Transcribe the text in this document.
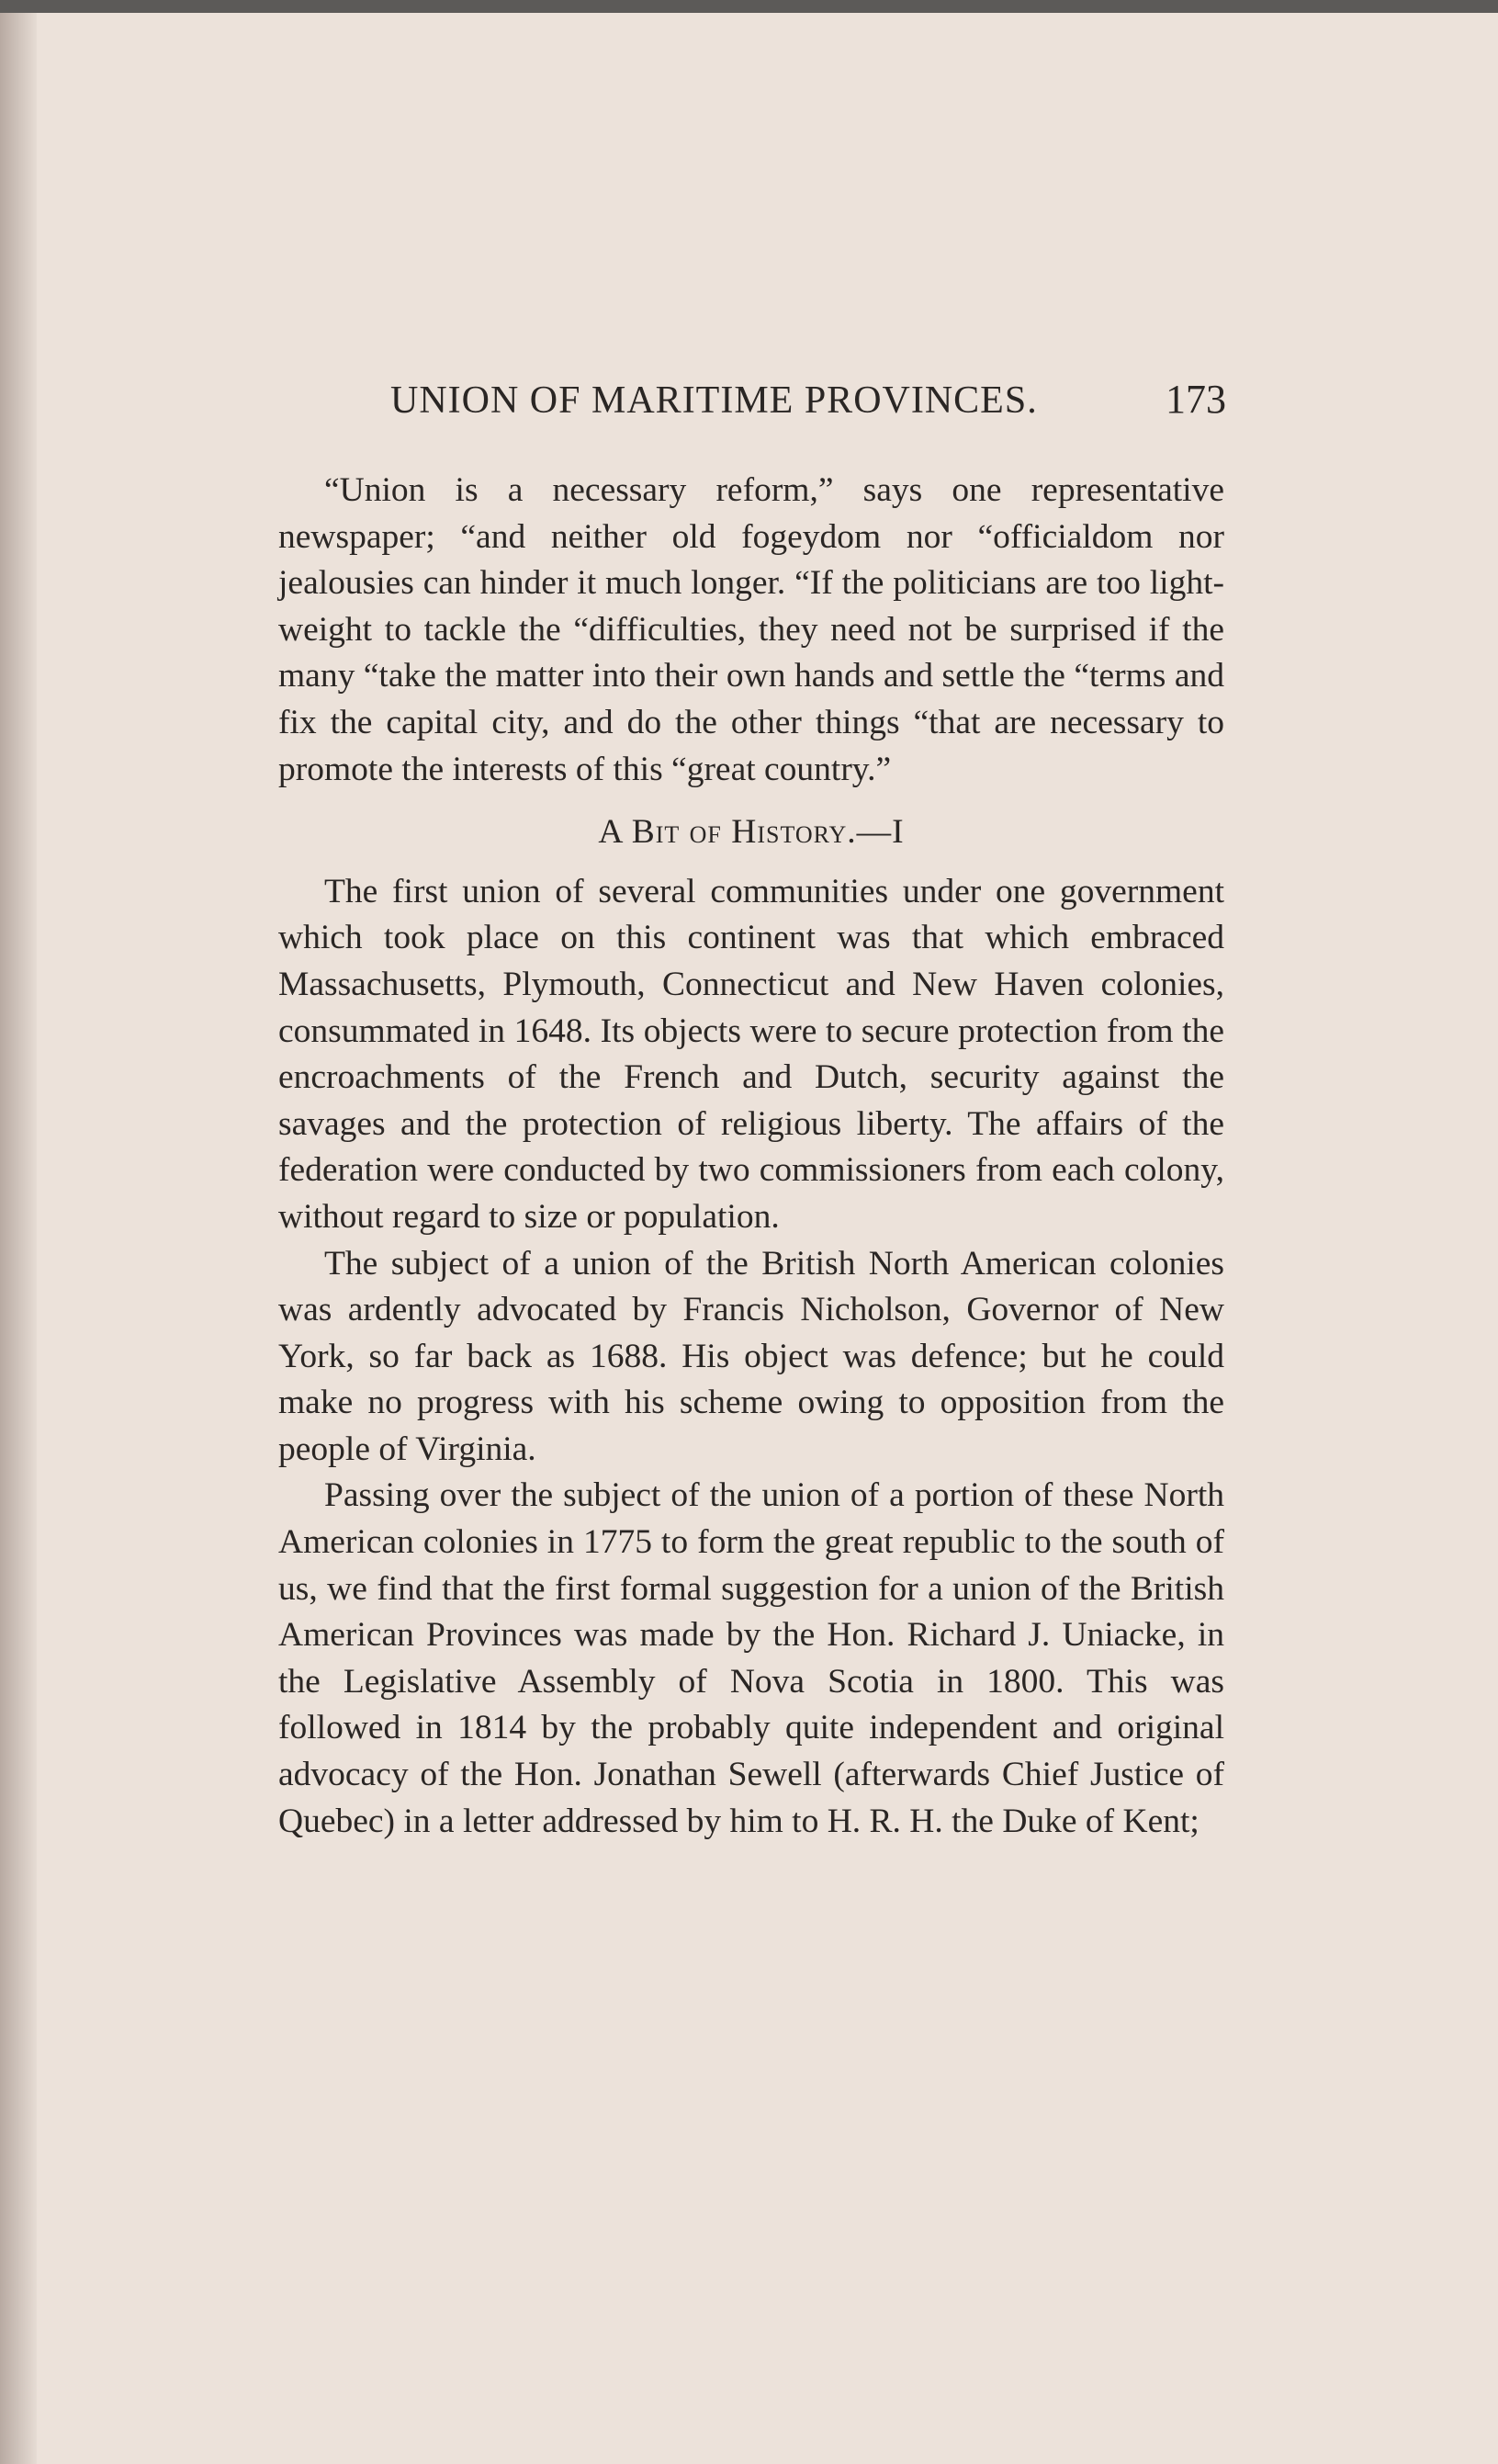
UNION OF MARITIME PROVINCES.	173

“Union is a necessary reform,” says one representative newspaper; “and neither old fogeydom nor “officialdom nor jealousies can hinder it much longer. “If the politicians are too light-weight to tackle the “difficulties, they need not be surprised if the many “take the matter into their own hands and settle the “terms and fix the capital city, and do the other things “that are necessary to promote the interests of this “great country.”

A Bit of History.—I

The first union of several communities under one government which took place on this continent was that which embraced Massachusetts, Plymouth, Connecticut and New Haven colonies, consummated in 1648. Its objects were to secure protection from the encroachments of the French and Dutch, security against the savages and the protection of religious liberty. The affairs of the federation were conducted by two commissioners from each colony, without regard to size or population.

The subject of a union of the British North American colonies was ardently advocated by Francis Nicholson, Governor of New York, so far back as 1688. His object was defence; but he could make no progress with his scheme owing to opposition from the people of Virginia.

Passing over the subject of the union of a portion of these North American colonies in 1775 to form the great republic to the south of us, we find that the first formal suggestion for a union of the British American Provinces was made by the Hon. Richard J. Uniacke, in the Legislative Assembly of Nova Scotia in 1800. This was followed in 1814 by the probably quite independent and original advocacy of the Hon. Jonathan Sewell (afterwards Chief Justice of Quebec) in a letter addressed by him to H. R. H. the Duke of Kent;
